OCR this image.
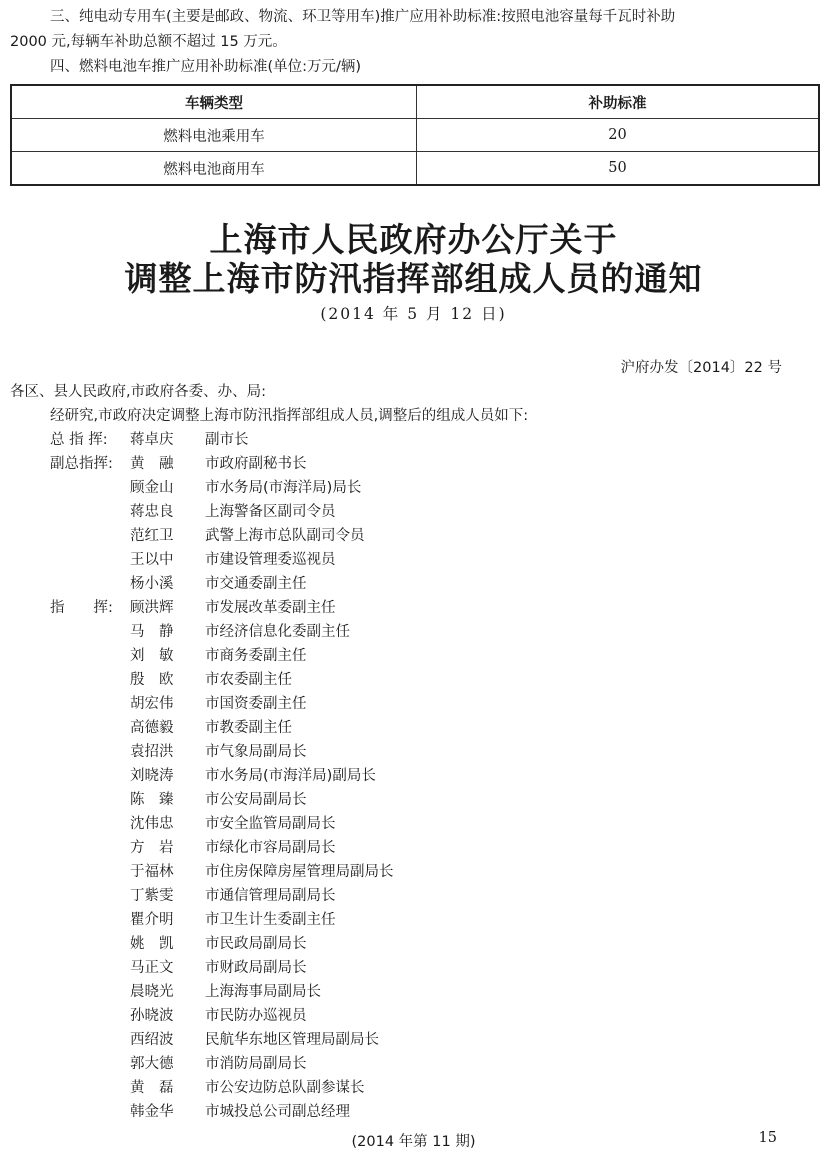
三、纯电动专用车(主要是邮政、物流、环卫等用车)推广应用补助标准:按照电池容量每千瓦时补助
2000 元,每辆车补助总额不超过 15 万元。
四、燃料电池车推广应用补助标准(单位:万元/辆)
车辆类型	补助标准
燃料电池乘用车	20
燃料电池商用车	50
上海市人民政府办公厅关于
调整上海市防汛指挥部组成人员的通知
(2014 年 5 月 12 日)
沪府办发〔2014〕22 号
各区、县人民政府,市政府各委、办、局:
经研究,市政府决定调整上海市防汛指挥部组成人员,调整后的组成人员如下:
总 指 挥:	蒋卓庆	副市长
副总指挥:	黄　融	市政府副秘书长
顾金山	市水务局(市海洋局)局长
蒋忠良	上海警备区副司令员
范红卫	武警上海市总队副司令员
王以中	市建设管理委巡视员
杨小溪	市交通委副主任
指　　挥:	顾洪辉	市发展改革委副主任
马　静	市经济信息化委副主任
刘　敏	市商务委副主任
殷　欧	市农委副主任
胡宏伟	市国资委副主任
高德毅	市教委副主任
袁招洪	市气象局副局长
刘晓涛	市水务局(市海洋局)副局长
陈　臻	市公安局副局长
沈伟忠	市安全监管局副局长
方　岩	市绿化市容局副局长
于福林	市住房保障房屋管理局副局长
丁紫雯	市通信管理局副局长
瞿介明	市卫生计生委副主任
姚　凯	市民政局副局长
马正文	市财政局副局长
晨晓光	上海海事局副局长
孙晓波	市民防办巡视员
西绍波	民航华东地区管理局副局长
郭大德	市消防局副局长
黄　磊	市公安边防总队副参谋长
韩金华	市城投总公司副总经理
(2014 年第 11 期)	15
